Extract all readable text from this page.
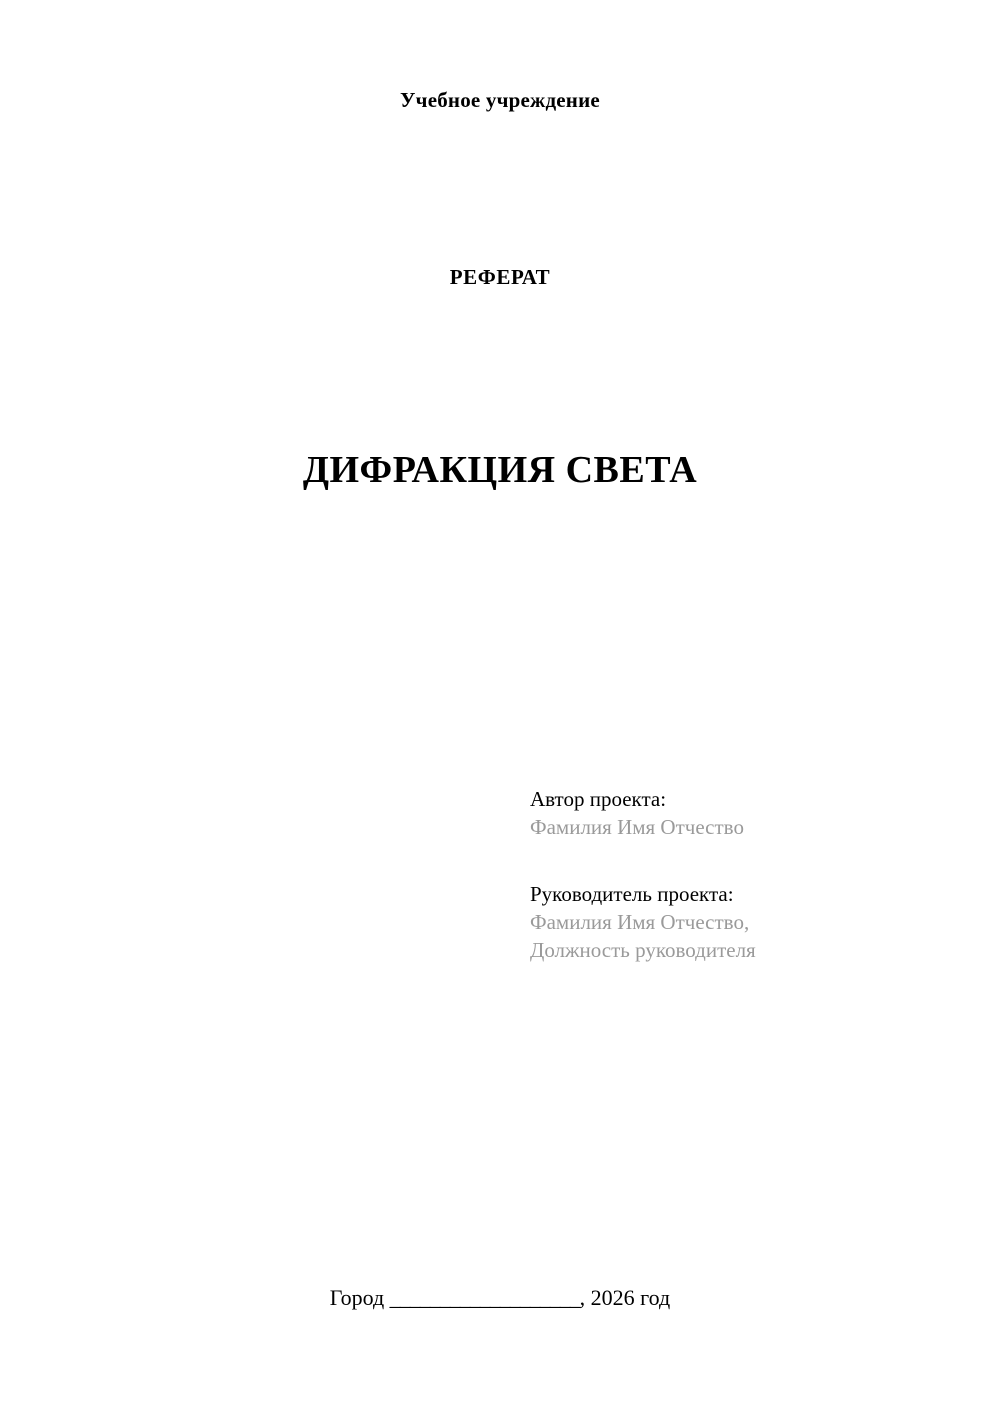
Учебное учреждение
РЕФЕРАТ
ДИФРАКЦИЯ СВЕТА

Автор проекта:

Фамилия Имя Отчество

Руководитель проекта:

Фамилия Имя Отчество,

Должность руководителя

Город ___________________, 2026 год
